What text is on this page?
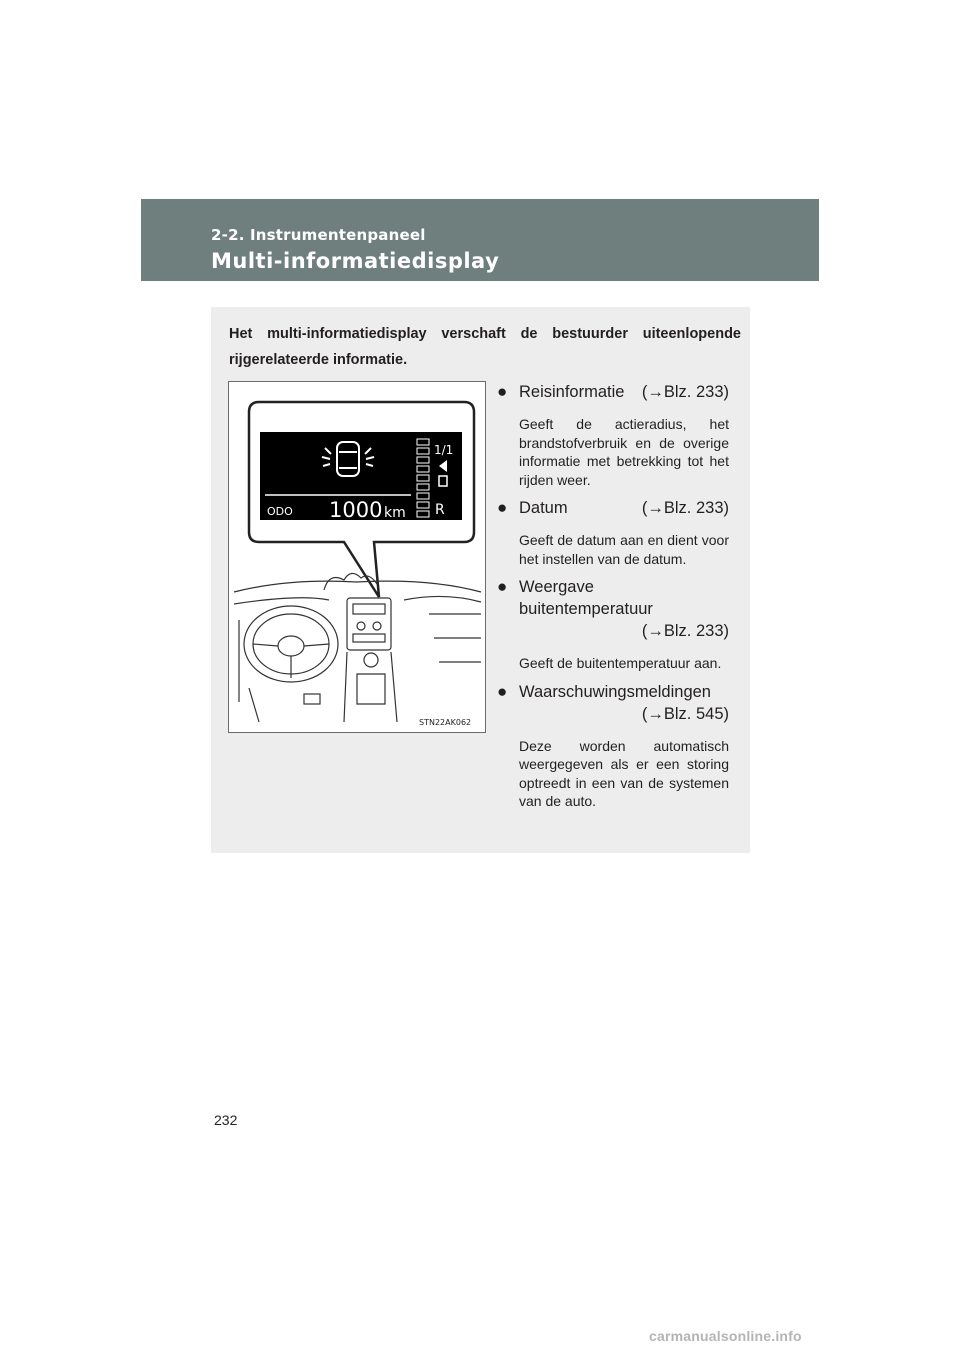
2-2. Instrumentenpaneel
Multi-informatiedisplay
Het multi-informatiedisplay verschaft de bestuurder uiteenlopende rijgerelateerde informatie.
ODO 1000 km
1/1
R
STN22AK062
● Reisinformatie (→Blz. 233)
Geeft de actieradius, het brandstofverbruik en de overige informatie met betrekking tot het rijden weer.
● Datum	(→Blz. 233)
Geeft de datum aan en dient voor het instellen van de datum.
● Weergave buitentemperatuur
(→Blz. 233)
Geeft de buitentemperatuur aan.
● Waarschuwingsmeldingen
(→Blz. 545)
Deze worden automatisch weergegeven als er een storing optreedt in een van de systemen van de auto.
232
carmanualsonline.info
